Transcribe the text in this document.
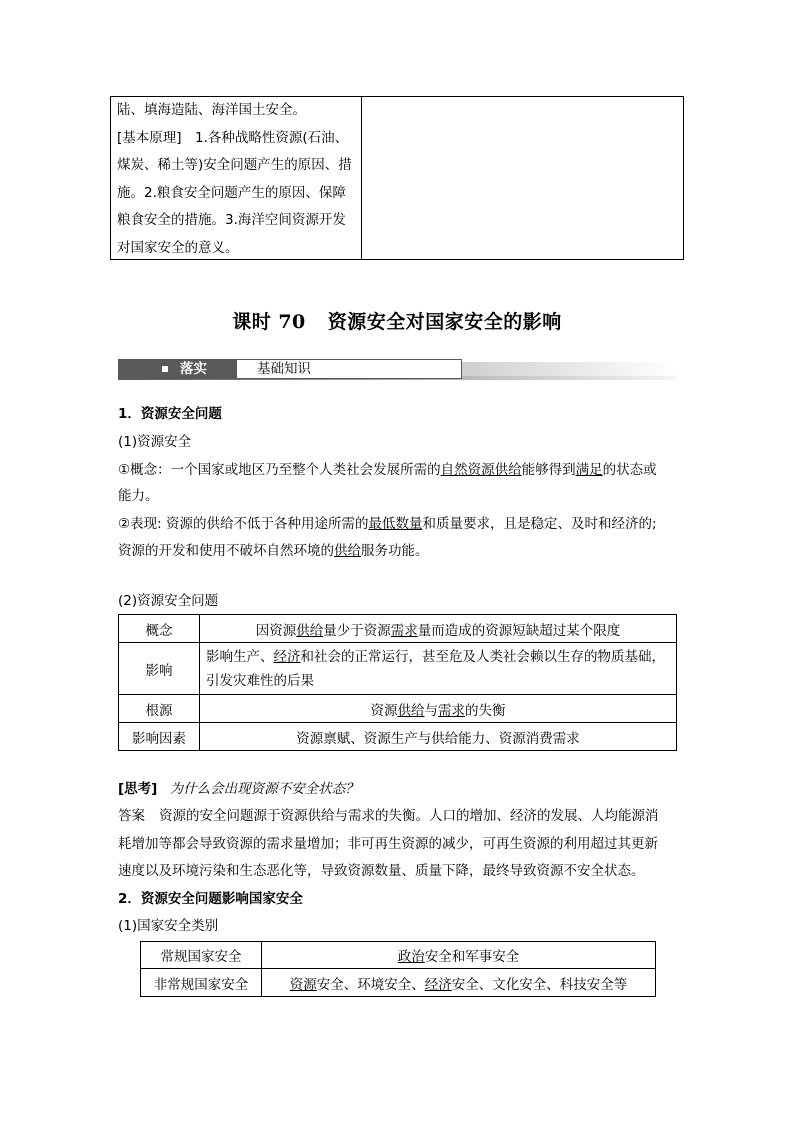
陆、填海造陆、海洋国土安全。

[基本原理]　1.各种战略性资源(石油、

煤炭、稀土等)安全问题产生的原因、措

施。2.粮食安全问题产生的原因、保障

粮食安全的措施。3.海洋空间资源开发

对国家安全的意义。

课时 70 资源安全对国家安全的影响
落实	基础知识
1．资源安全问题
(1)资源安全
①概念：一个国家或地区乃至整个人类社会发展所需的自然资源供给能够得到满足的状态或
能力。
②表现: 资源的供给不低于各种用途所需的最低数量和质量要求，且是稳定、及时和经济的;
资源的开发和使用不破坏自然环境的供给服务功能。
(2)资源安全问题
概念	因资源供给量少于资源需求量而造成的资源短缺超过某个限度
影响	影响生产、经济和社会的正常运行，甚至危及人类社会赖以生存的物质基础，
引发灾难性的后果
根源	资源供给与需求的失衡
影响因素	资源禀赋、资源生产与供给能力、资源消费需求
[思考] 为什么会出现资源不安全状态？
答案 资源的安全问题源于资源供给与需求的失衡。人口的增加、经济的发展、人均能源消
耗增加等都会导致资源的需求量增加；非可再生资源的减少，可再生资源的利用超过其更新
速度以及环境污染和生态恶化等，导致资源数量、质量下降，最终导致资源不安全状态。
2．资源安全问题影响国家安全
(1)国家安全类别
常规国家安全	政治安全和军事安全
非常规国家安全	资源安全、环境安全、经济安全、文化安全、科技安全等
